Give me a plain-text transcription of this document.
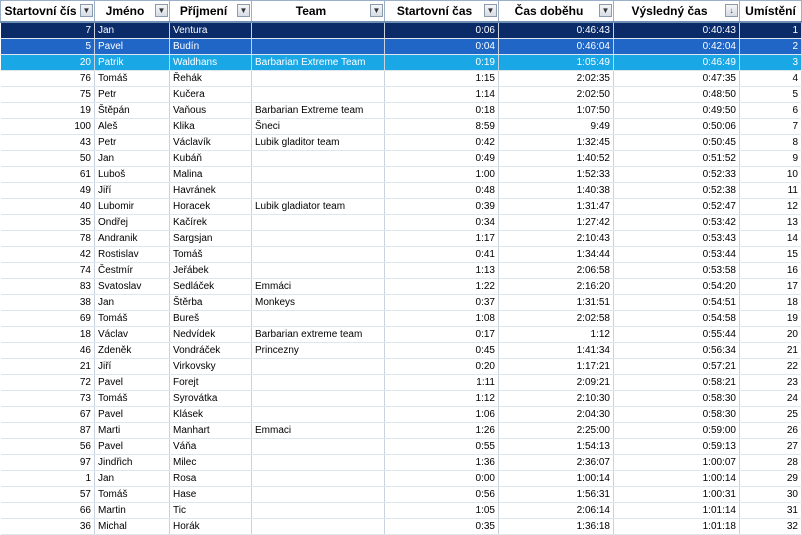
Startovní čís ▼	Jméno ▼	Příjmení ▼	Team ▼	Startovní čas ▼	Čas doběhu ▼	Výsledný čas ↓	Umístění

7	Jan	Ventura		0:06	0:46:43	0:40:43	1
5	Pavel	Budín		0:04	0:46:04	0:42:04	2
20	Patrik	Waldhans	Barbarian Extreme Team	0:19	1:05:49	0:46:49	3
76	Tomáš	Řehák		1:15	2:02:35	0:47:35	4
75	Petr	Kučera		1:14	2:02:50	0:48:50	5
19	Štěpán	Vaňous	Barbarian Extreme team	0:18	1:07:50	0:49:50	6
100	Aleš	Klika	Šneci	8:59	9:49	0:50:06	7
43	Petr	Václavík	Lubik gladitor team	0:42	1:32:45	0:50:45	8
50	Jan	Kubáň		0:49	1:40:52	0:51:52	9
61	Luboš	Malina		1:00	1:52:33	0:52:33	10
49	Jiří	Havránek		0:48	1:40:38	0:52:38	11
40	Lubomir	Horacek	Lubik gladiator team	0:39	1:31:47	0:52:47	12
35	Ondřej	Kačírek		0:34	1:27:42	0:53:42	13
78	Andranik	Sargsjan		1:17	2:10:43	0:53:43	14
42	Rostislav	Tomáš		0:41	1:34:44	0:53:44	15
74	Čestmír	Jeřábek		1:13	2:06:58	0:53:58	16
83	Svatoslav	Sedláček	Emmáci	1:22	2:16:20	0:54:20	17
38	Jan	Štěrba	Monkeys	0:37	1:31:51	0:54:51	18
69	Tomáš	Bureš		1:08	2:02:58	0:54:58	19
18	Václav	Nedvídek	Barbarian extreme team	0:17	1:12	0:55:44	20
46	Zdeněk	Vondráček	Princezny	0:45	1:41:34	0:56:34	21
21	Jiří	Virkovsky		0:20	1:17:21	0:57:21	22
72	Pavel	Forejt		1:11	2:09:21	0:58:21	23
73	Tomáš	Syrovátka		1:12	2:10:30	0:58:30	24
67	Pavel	Klásek		1:06	2:04:30	0:58:30	25
87	Marti	Manhart	Emmaci	1:26	2:25:00	0:59:00	26
56	Pavel	Váňa		0:55	1:54:13	0:59:13	27
97	Jindřich	Milec		1:36	2:36:07	1:00:07	28
1	Jan	Rosa		0:00	1:00:14	1:00:14	29
57	Tomáš	Hase		0:56	1:56:31	1:00:31	30
66	Martin	Tic		1:05	2:06:14	1:01:14	31
36	Michal	Horák		0:35	1:36:18	1:01:18	32
